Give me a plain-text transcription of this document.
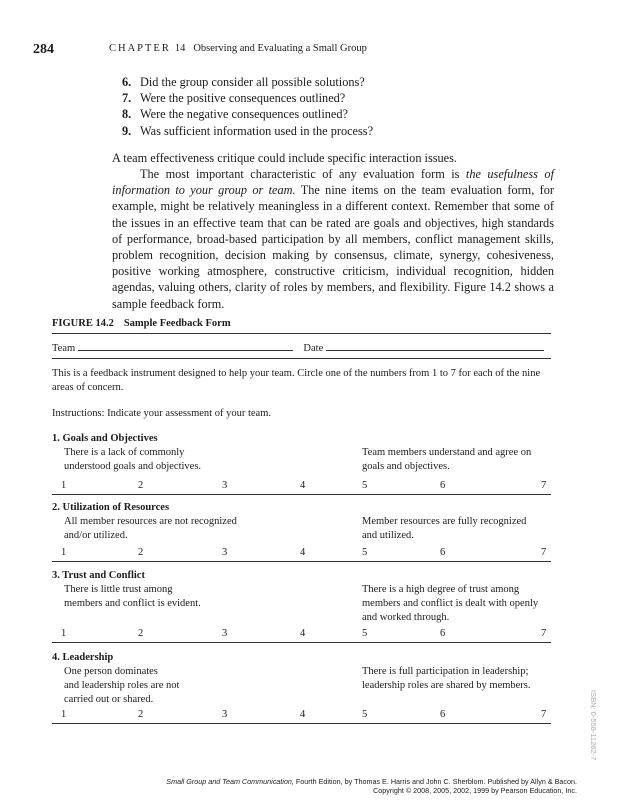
284	CHAPTER 14 Observing and Evaluating a Small Group
6. Did the group consider all possible solutions?
7. Were the positive consequences outlined?
8. Were the negative consequences outlined?
9. Was sufficient information used in the process?
A team effectiveness critique could include specific interaction issues.
The most important characteristic of any evaluation form is the usefulness of information to your group or team. The nine items on the team evaluation form, for example, might be relatively meaningless in a different context. Remember that some of the issues in an effective team that can be rated are goals and objectives, high standards of performance, broad-based participation by all members, conflict management skills, problem recognition, decision making by consensus, climate, synergy, cohesiveness, positive working atmosphere, constructive criticism, individual recognition, hidden agendas, valuing others, clarity of roles by members, and flexibility. Figure 14.2 shows a sample feedback form.
FIGURE 14.2 Sample Feedback Form
Team	Date
This is a feedback instrument designed to help your team. Circle one of the numbers from 1 to 7 for each of the nine areas of concern.
Instructions: Indicate your assessment of your team.
1. Goals and Objectives
There is a lack of commonly
understood goals and objectives.
Team members understand and agree on
goals and objectives.
1	2	3	4	5	6	7
2. Utilization of Resources
All member resources are not recognized
and/or utilized.
Member resources are fully recognized
and utilized.
1	2	3	4	5	6	7
3. Trust and Conflict
There is little trust among
members and conflict is evident.
There is a high degree of trust among
members and conflict is dealt with openly
and worked through.
1	2	3	4	5	6	7
4. Leadership
One person dominates
and leadership roles are not
carried out or shared.
There is full participation in leadership;
leadership roles are shared by members.
1	2	3	4	5	6	7	ISBN: 0-558-11262-7
Small Group and Team Communication, Fourth Edition, by Thomas E. Harris and John C. Sherblom. Published by Allyn & Bacon.
Copyright © 2008, 2005, 2002, 1999 by Pearson Education, Inc.
